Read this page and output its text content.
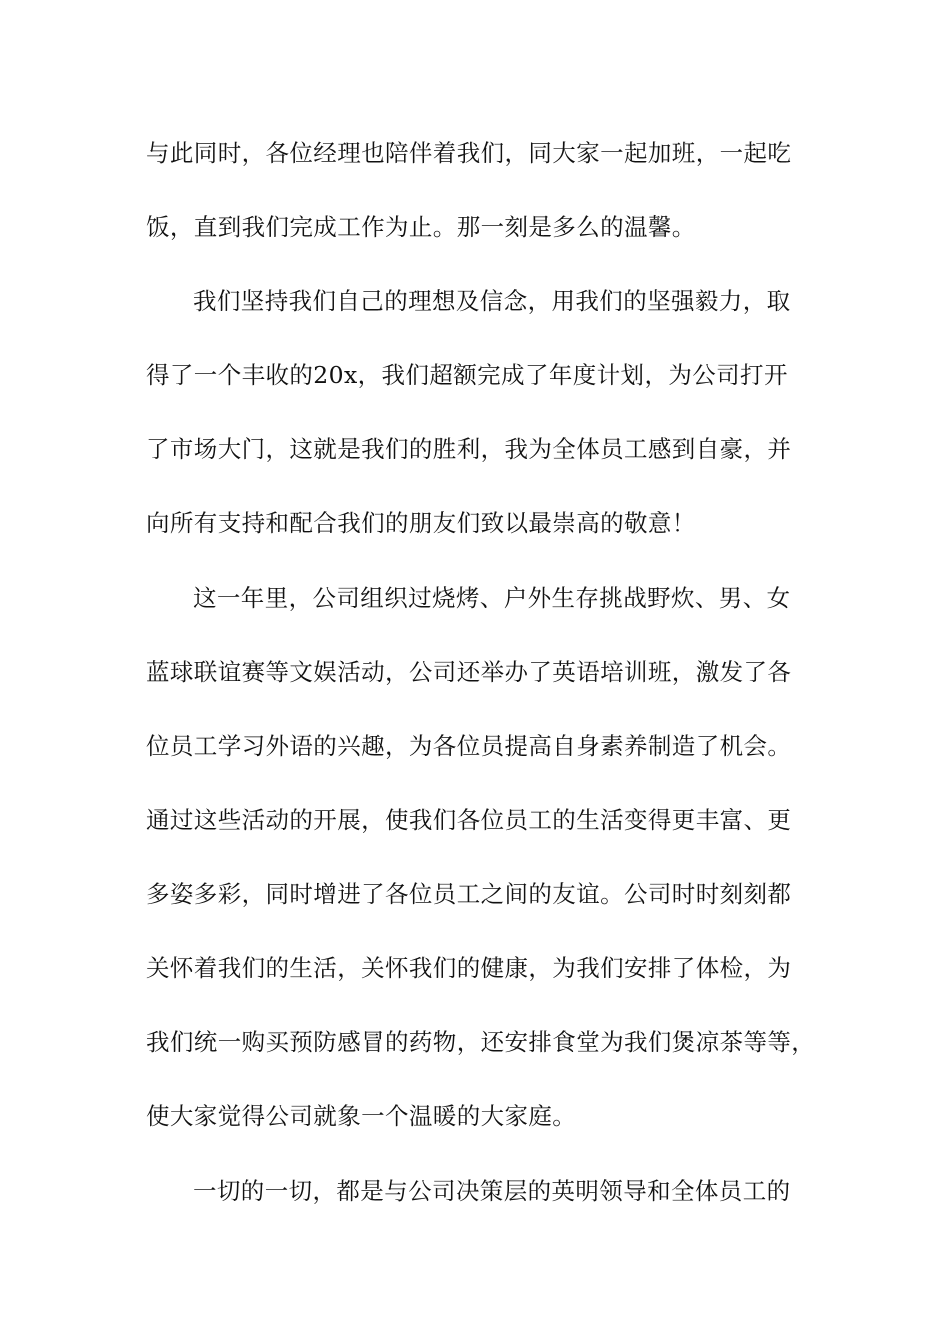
与此同时，各位经理也陪伴着我们，同大家一起加班，一起吃
饭，直到我们完成工作为止。那一刻是多么的温馨。
我们坚持我们自己的理想及信念，用我们的坚强毅力，取
得了一个丰收的20x，我们超额完成了年度计划，为公司打开
了市场大门，这就是我们的胜利，我为全体员工感到自豪，并
向所有支持和配合我们的朋友们致以最崇高的敬意！
这一年里，公司组织过烧烤、户外生存挑战野炊、男、女
蓝球联谊赛等文娱活动，公司还举办了英语培训班，激发了各
位员工学习外语的兴趣，为各位员提高自身素养制造了机会。
通过这些活动的开展，使我们各位员工的生活变得更丰富、更
多姿多彩，同时增进了各位员工之间的友谊。公司时时刻刻都
关怀着我们的生活，关怀我们的健康，为我们安排了体检，为
我们统一购买预防感冒的药物，还安排食堂为我们煲凉茶等等，
使大家觉得公司就象一个温暖的大家庭。
一切的一切，都是与公司决策层的英明领导和全体员工的
